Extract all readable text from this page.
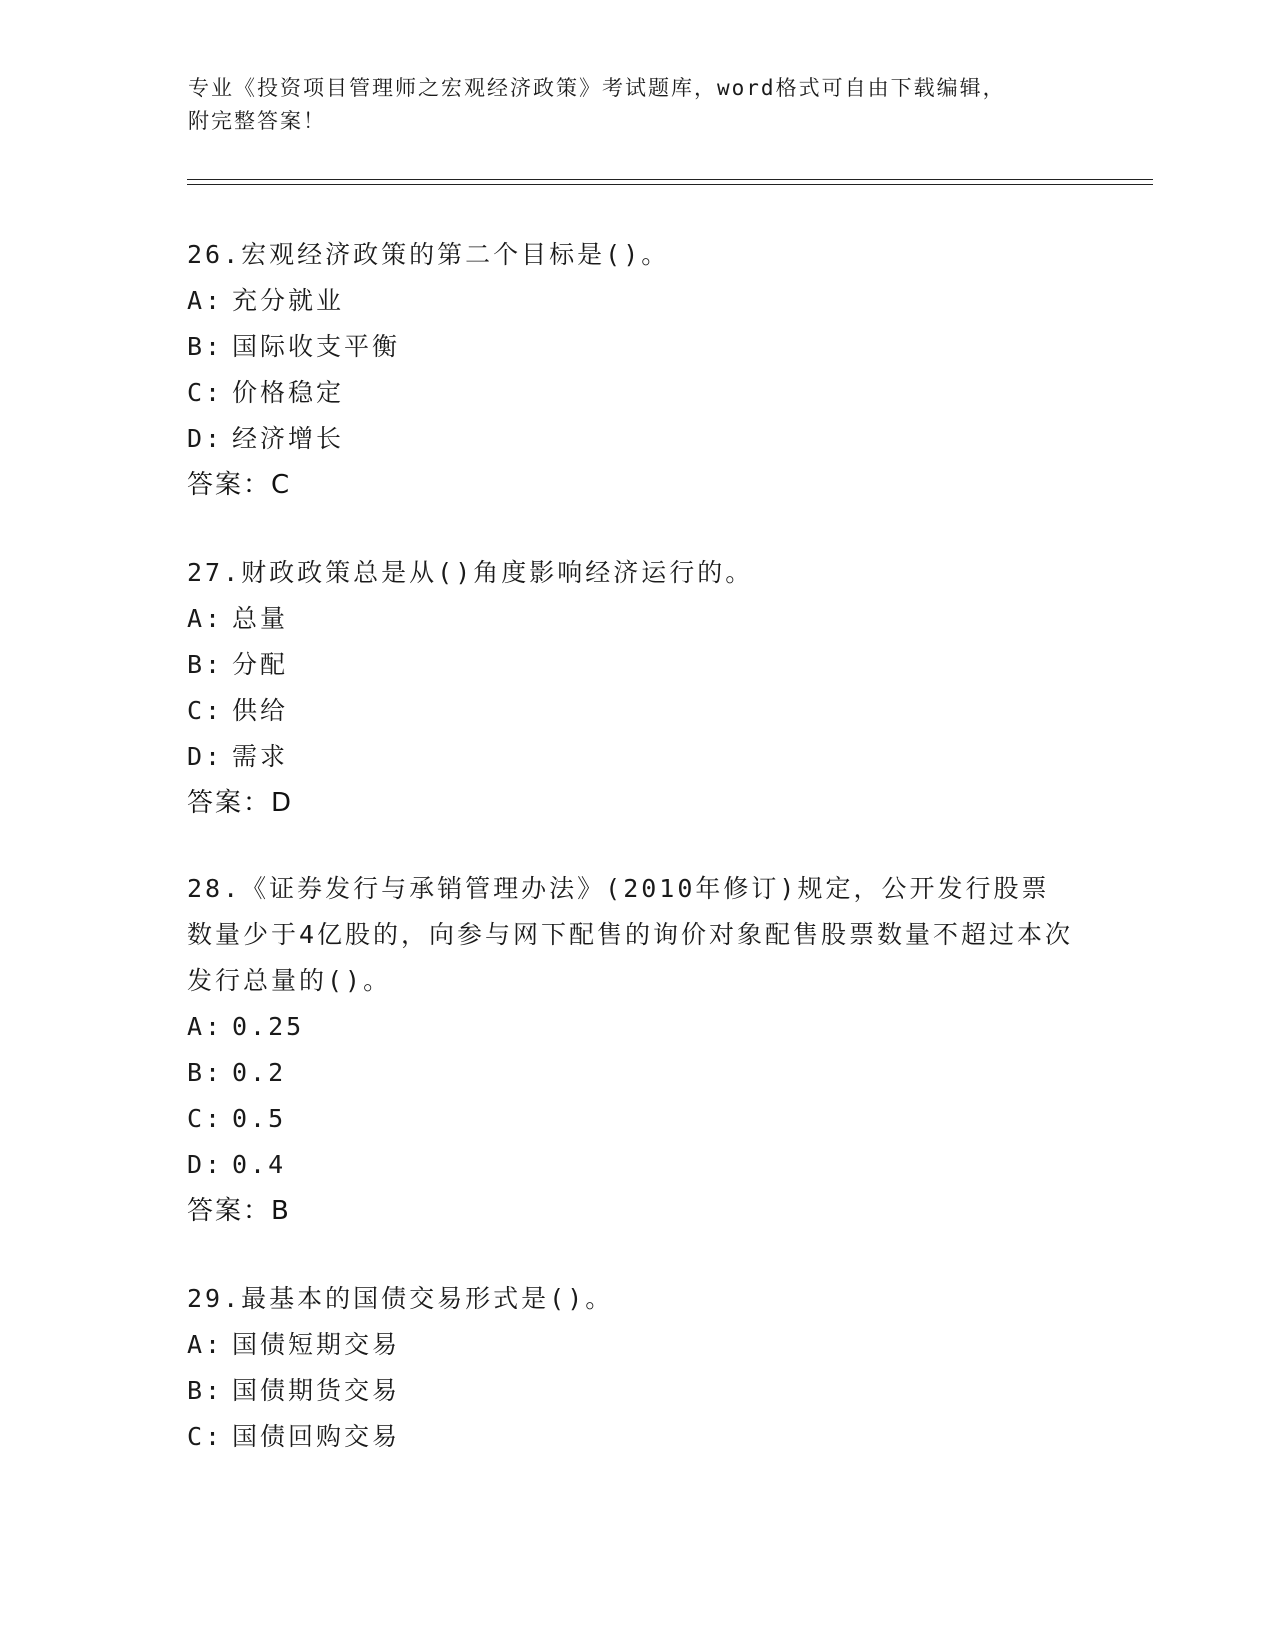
专业《投资项目管理师之宏观经济政策》考试题库，word格式可自由下载编辑，
附完整答案！

26.宏观经济政策的第二个目标是()。

A: 充分就业
B: 国际收支平衡
C: 价格稳定
D: 经济增长
答案：C

27.财政政策总是从()角度影响经济运行的。

A: 总量
B: 分配
C: 供给
D: 需求
答案：D

28.《证券发行与承销管理办法》(2010年修订)规定，公开发行股票数量少于4亿股的，向参与网下配售的询价对象配售股票数量不超过本次发行总量的()。

A: 0.25
B: 0.2
C: 0.5
D: 0.4
答案：B

29.最基本的国债交易形式是()。

A: 国债短期交易
B: 国债期货交易
C: 国债回购交易
